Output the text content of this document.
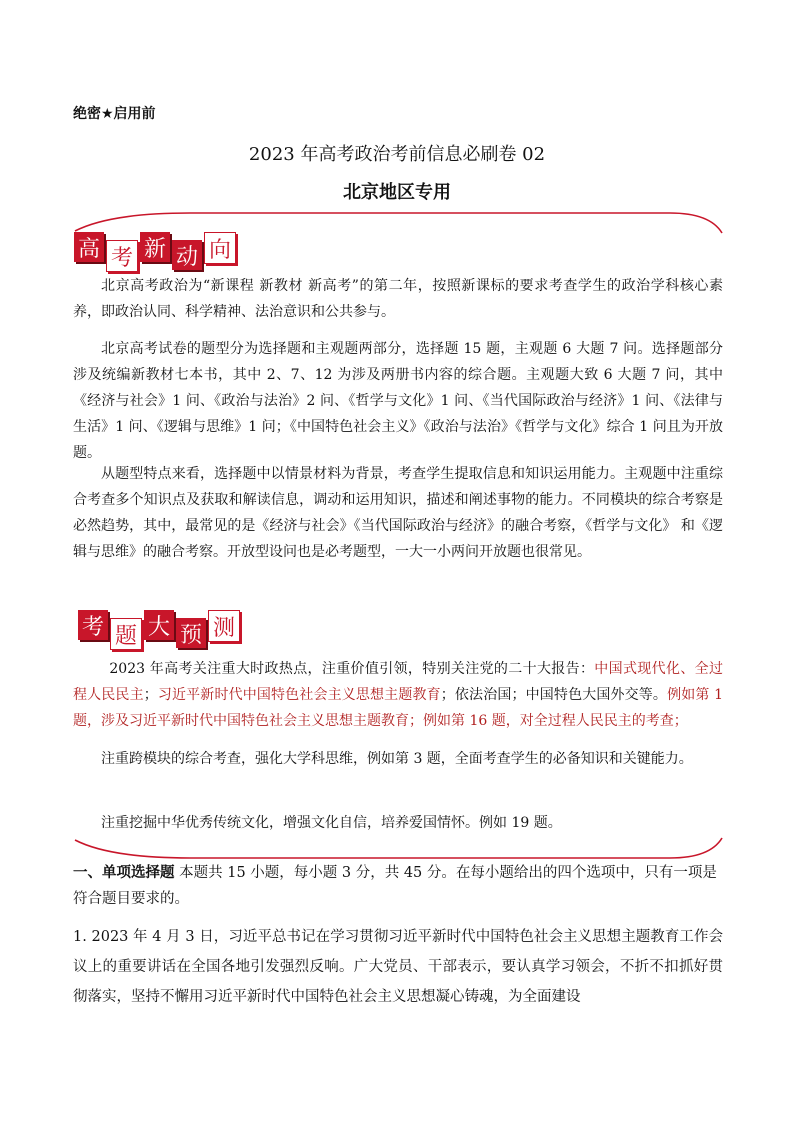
绝密★启用前
2023 年高考政治考前信息必刷卷 02
北京地区专用
高 考 新 动 向
北京高考政治为“新课程 新教材 新高考”的第二年，按照新课标的要求考查学生的政治学科核心素养，即政治认同、科学精神、法治意识和公共参与。
北京高考试卷的题型分为选择题和主观题两部分，选择题 15 题，主观题 6 大题 7 问。选择题部分涉及统编新教材七本书，其中 2、7、12 为涉及两册书内容的综合题。主观题大致 6 大题 7 问，其中《经济与社会》1 问、《政治与法治》2 问、《哲学与文化》1 问、《当代国际政治与经济》1 问、《法律与生活》1 问、《逻辑与思维》1 问；《中国特色社会主义》《政治与法治》《哲学与文化》综合 1 问且为开放题。
从题型特点来看，选择题中以情景材料为背景，考查学生提取信息和知识运用能力。主观题中注重综合考查多个知识点及获取和解读信息，调动和运用知识，描述和阐述事物的能力。不同模块的综合考察是必然趋势，其中，最常见的是《经济与社会》《当代国际政治与经济》的融合考察，《哲学与文化》 和《逻辑与思维》的融合考察。开放型设问也是必考题型，一大一小两问开放题也很常见。
考 题 大 预 测
2023 年高考关注重大时政热点，注重价值引领，特别关注党的二十大报告：中国式现代化、全过程人民民主；习近平新时代中国特色社会主义思想主题教育；依法治国；中国特色大国外交等。例如第 1 题，涉及习近平新时代中国特色社会主义思想主题教育；例如第 16 题，对全过程人民民主的考查；
注重跨模块的综合考查，强化大学科思维，例如第 3 题，全面考查学生的必备知识和关键能力。
注重挖掘中华优秀传统文化，增强文化自信，培养爱国情怀。例如 19 题。
一、单项选择题 本题共 15 小题，每小题 3 分，共 45 分。在每小题给出的四个选项中，只有一项是符合题目要求的。
1. 2023 年 4 月 3 日，习近平总书记在学习贯彻习近平新时代中国特色社会主义思想主题教育工作会议上的重要讲话在全国各地引发强烈反响。广大党员、干部表示，要认真学习领会，不折不扣抓好贯彻落实，坚持不懈用习近平新时代中国特色社会主义思想凝心铸魂，为全面建设
